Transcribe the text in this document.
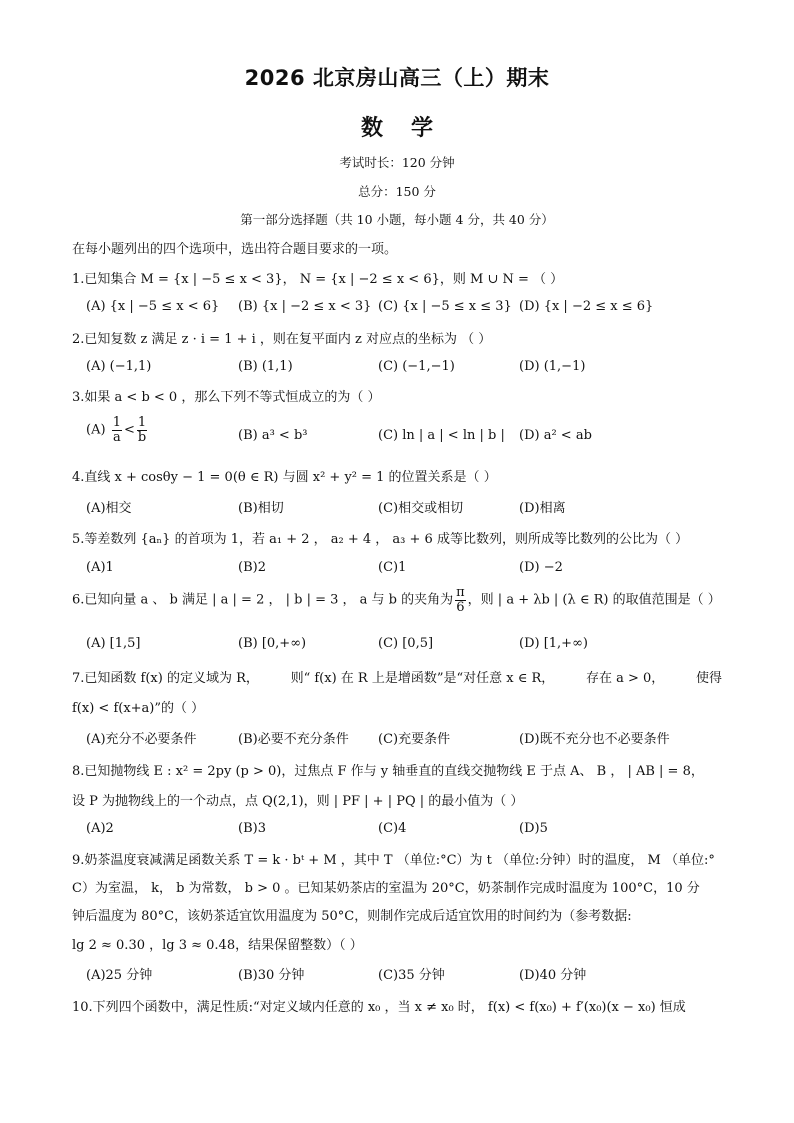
2026 北京房山高三（上）期末
数学
考试时长：120 分钟
总分：150 分
第一部分选择题（共 10 小题，每小题 4 分，共 40 分）
在每小题列出的四个选项中，选出符合题目要求的一项。
1.已知集合 M = {x | −5 ≤ x < 3}， N = {x | −2 ≤ x < 6}，则 M ∪ N = （ ）
(A) {x | −5 ≤ x < 6} (B) {x | −2 ≤ x < 3} (C) {x | −5 ≤ x ≤ 3} (D) {x | −2 ≤ x ≤ 6}
2.已知复数 z 满足 z · i = 1 + i ，则在复平面内 z 对应点的坐标为 （ ）
(A) (−1,1)	(B) (1,1)	(C) (−1,−1)	(D) (1,−1)
3.如果 a < b < 0 ，那么下列不等式恒成立的为（ ）
$(A) \frac{1}{a} < \frac{1}{b}$	(B) a³ < b³	(C) ln | a | < ln | b | (D) a² < ab
4.直线 x + cosθy − 1 = 0(θ ∈ R) 与圆 x² + y² = 1 的位置关系是（ ）
(A)相交	(B)相切	(C)相交或相切	(D)相离
5.等差数列 {aₙ} 的首项为 1，若 a₁ + 2 ， a₂ + 4 ， a₃ + 6 成等比数列，则所成等比数列的公比为（ ）
(A)1	(B)2	(C)1	(D) −2
6.已知向量 a 、 b 满足 | a | = 2 ， | b | = 3 ， a 与 b 的夹角为 $\frac{\pi}{6}$ ，则 | a + λb | (λ ∈ R) 的取值范围是（ ）
(A) [1,5]	(B) [0,+∞)	(C) [0,5]	(D) [1,+∞)
7.已知函数 f(x) 的定义域为 R， 则“ f(x) 在 R 上是增函数”是“对任意 x ∈ R， 存在 a > 0， 使得
f(x) < f(x+a)”的（ ）
(A)充分不必要条件	(B)必要不充分条件 (C)充要条件	(D)既不充分也不必要条件
8.已知抛物线 E : x² = 2py (p > 0)，过焦点 F 作与 y 轴垂直的直线交抛物线 E 于点 A、 B ， | AB | = 8，
设 P 为抛物线上的一个动点，点 Q(2,1)，则 | PF | + | PQ | 的最小值为（ ）
(A)2	(B)3	(C)4	(D)5
9.奶茶温度衰减满足函数关系 T = k · bᵗ + M ，其中 T （单位:°C）为 t （单位:分钟）时的温度， M （单位:°
C）为室温， k， b 为常数， b > 0 。已知某奶茶店的室温为 20°C，奶茶制作完成时温度为 100°C，10 分
钟后温度为 80°C，该奶茶适宜饮用温度为 50°C，则制作完成后适宜饮用的时间约为（参考数据:
lg 2 ≈ 0.30 ，lg 3 ≈ 0.48，结果保留整数）（ ）
(A)25 分钟	(B)30 分钟	(C)35 分钟	(D)40 分钟
10.下列四个函数中，满足性质:“对定义域内任意的 x₀ ，当 x ≠ x₀ 时， f(x) < f(x₀) + f′(x₀)(x − x₀) 恒成
